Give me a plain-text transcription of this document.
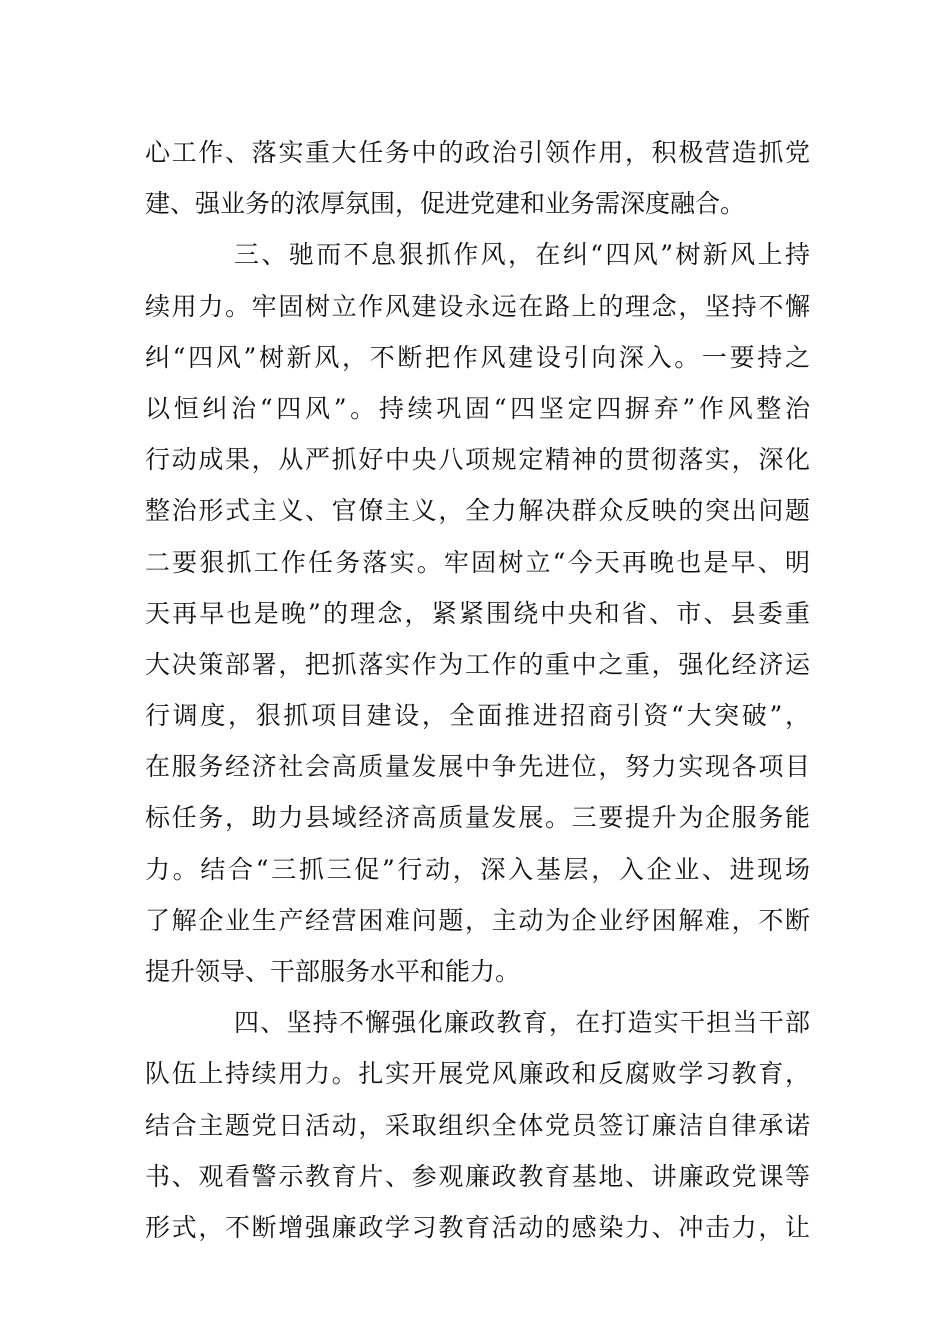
心工作、落实重大任务中的政治引领作用，积极营造抓党
建、强业务的浓厚氛围，促进党建和业务需深度融合。
三、驰而不息狠抓作风，在纠“四风”树新风上持
续用力。牢固树立作风建设永远在路上的理念，坚持不懈
纠“四风”树新风，不断把作风建设引向深入。一要持之
以恒纠治“四风”。持续巩固“四坚定四摒弃”作风整治
行动成果，从严抓好中央八项规定精神的贯彻落实，深化
整治形式主义、官僚主义，全力解决群众反映的突出问题
二要狠抓工作任务落实。牢固树立“今天再晚也是早、明
天再早也是晚”的理念，紧紧围绕中央和省、市、县委重
大决策部署，把抓落实作为工作的重中之重，强化经济运
行调度，狠抓项目建设，全面推进招商引资“大突破”，
在服务经济社会高质量发展中争先进位，努力实现各项目
标任务，助力县域经济高质量发展。三要提升为企服务能
力。结合“三抓三促”行动，深入基层，入企业、进现场
了解企业生产经营困难问题，主动为企业纾困解难，不断
提升领导、干部服务水平和能力。
四、坚持不懈强化廉政教育，在打造实干担当干部
队伍上持续用力。扎实开展党风廉政和反腐败学习教育，
结合主题党日活动，采取组织全体党员签订廉洁自律承诺
书、观看警示教育片、参观廉政教育基地、讲廉政党课等
形式，不断增强廉政学习教育活动的感染力、冲击力，让
